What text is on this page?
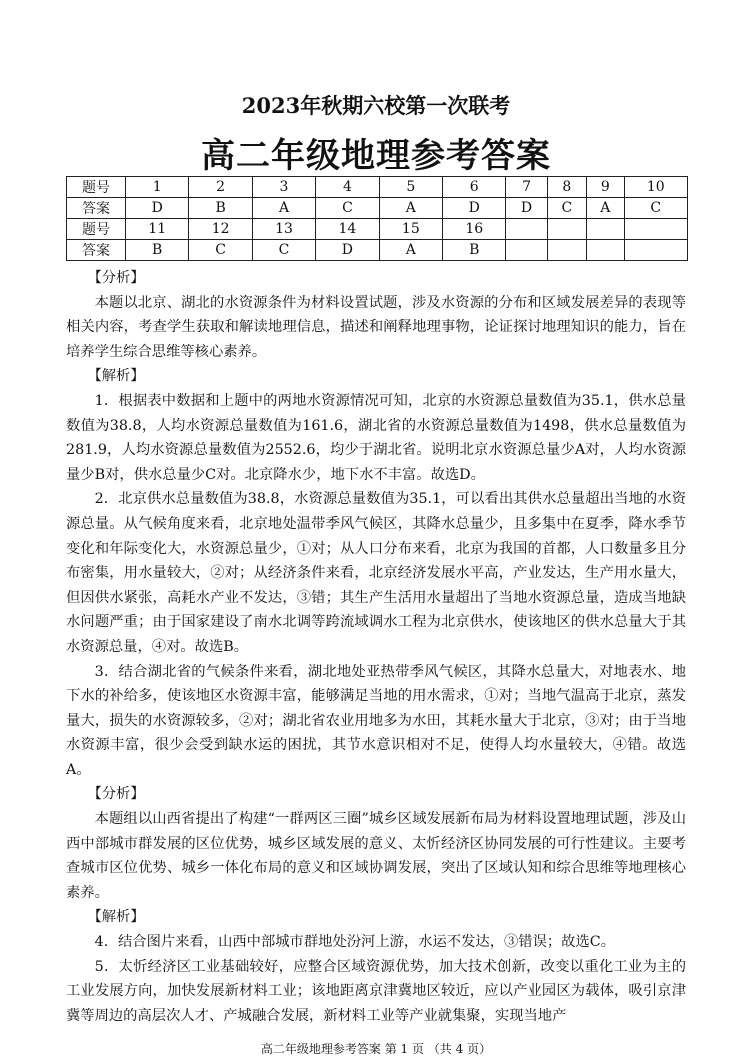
2023年秋期六校第一次联考
高二年级地理参考答案
题号	1	2	3	4	5	6	7	8	9	10
答案	D	B	A	C	A	D	D	C	A	C
题号	11	12	13	14	15	16				
答案	B	C	C	D	A	B				

【分析】

本题以北京、湖北的水资源条件为材料设置试题，涉及水资源的分布和区域发展差异的表现等相关内容，考查学生获取和解读地理信息，描述和阐释地理事物，论证探讨地理知识的能力，旨在培养学生综合思维等核心素养。

【解析】

1．根据表中数据和上题中的两地水资源情况可知，北京的水资源总量数值为35.1，供水总量数值为38.8，人均水资源总量数值为161.6，湖北省的水资源总量数值为1498，供水总量数值为281.9，人均水资源总量数值为2552.6，均少于湖北省。说明北京水资源总量少A对，人均水资源量少B对，供水总量少C对。北京降水少，地下水不丰富。故选D。

2．北京供水总量数值为38.8，水资源总量数值为35.1，可以看出其供水总量超出当地的水资源总量。从气候角度来看，北京地处温带季风气候区，其降水总量少，且多集中在夏季，降水季节变化和年际变化大，水资源总量少，①对；从人口分布来看，北京为我国的首都，人口数量多且分布密集，用水量较大，②对；从经济条件来看，北京经济发展水平高，产业发达，生产用水量大，但因供水紧张，高耗水产业不发达，③错；其生产生活用水量超出了当地水资源总量，造成当地缺水问题严重；由于国家建设了南水北调等跨流域调水工程为北京供水，使该地区的供水总量大于其水资源总量，④对。故选B。

3．结合湖北省的气候条件来看，湖北地处亚热带季风气候区，其降水总量大，对地表水、地下水的补给多，使该地区水资源丰富，能够满足当地的用水需求，①对；当地气温高于北京，蒸发量大，损失的水资源较多，②对；湖北省农业用地多为水田，其耗水量大于北京，③对；由于当地水资源丰富，很少会受到缺水运的困扰，其节水意识相对不足，使得人均水量较大，④错。故选A。

【分析】

本题组以山西省提出了构建“一群两区三圈”城乡区域发展新布局为材料设置地理试题，涉及山西中部城市群发展的区位优势，城乡区域发展的意义、太忻经济区协同发展的可行性建议。主要考查城市区位优势、城乡一体化布局的意义和区域协调发展，突出了区域认知和综合思维等地理核心素养。

【解析】

4．结合图片来看，山西中部城市群地处汾河上游，水运不发达，③错误；故选C。

5．太忻经济区工业基础较好，应整合区域资源优势，加大技术创新，改变以重化工业为主的工业发展方向，加快发展新材料工业；该地距离京津冀地区较近，应以产业园区为载体，吸引京津冀等周边的高层次人才、产城融合发展，新材料工业等产业就集聚，实现当地产

高二年级地理参考答案 第 1 页 （共 4 页）
